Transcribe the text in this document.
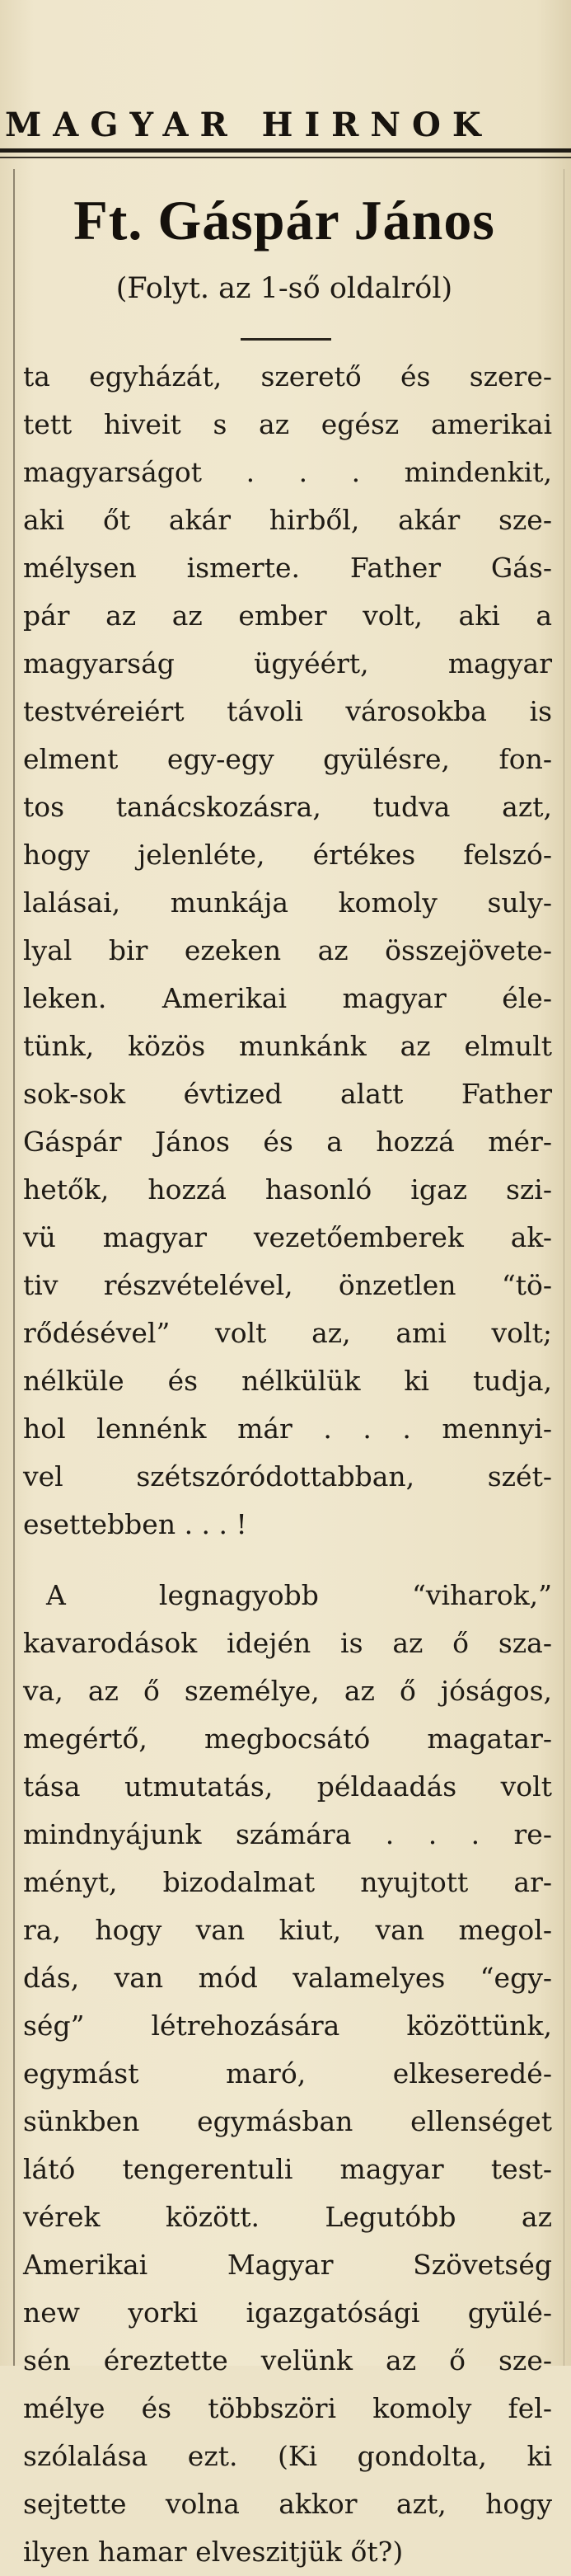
MAGYAR HIRNOK
Ft. Gáspár János
(Folyt. az 1-ső oldalról)
ta egyházát, szerető és szere-
tett hiveit s az egész amerikai
magyarságot . . . mindenkit,
aki őt akár hirből, akár sze-
mélysen ismerte. Father Gás-
pár az az ember volt, aki a
magyarság ügyéért, magyar
testvéreiért távoli városokba is
elment egy-egy gyülésre, fon-
tos tanácskozásra, tudva azt,
hogy jelenléte, értékes felszó-
lalásai, munkája komoly suly-
lyal bir ezeken az összejövete-
leken. Amerikai magyar éle-
tünk, közös munkánk az elmult
sok-sok évtized alatt Father
Gáspár János és a hozzá mér-
hetők, hozzá hasonló igaz szi-
vü magyar vezetőemberek ak-
tiv részvételével, önzetlen “tö-
rődésével” volt az, ami volt;
nélküle és nélkülük ki tudja,
hol lennénk már . . . mennyi-
vel szétszóródottabban, szét-
esettebben . . . !
A legnagyobb “viharok,”
kavarodások idején is az ő sza-
va, az ő személye, az ő jóságos,
megértő, megbocsátó magatar-
tása utmutatás, példaadás volt
mindnyájunk számára . . . re-
ményt, bizodalmat nyujtott ar-
ra, hogy van kiut, van megol-
dás, van mód valamelyes “egy-
ség” létrehozására közöttünk,
egymást maró, elkeseredé-
sünkben egymásban ellenséget
látó tengerentuli magyar test-
vérek között. Legutóbb az
Amerikai Magyar Szövetség
new yorki igazgatósági gyülé-
sén éreztette velünk az ő sze-
mélye és többszöri komoly fel-
szólalása ezt. (Ki gondolta, ki
sejtette volna akkor azt, hogy
ilyen hamar elveszitjük őt?)
